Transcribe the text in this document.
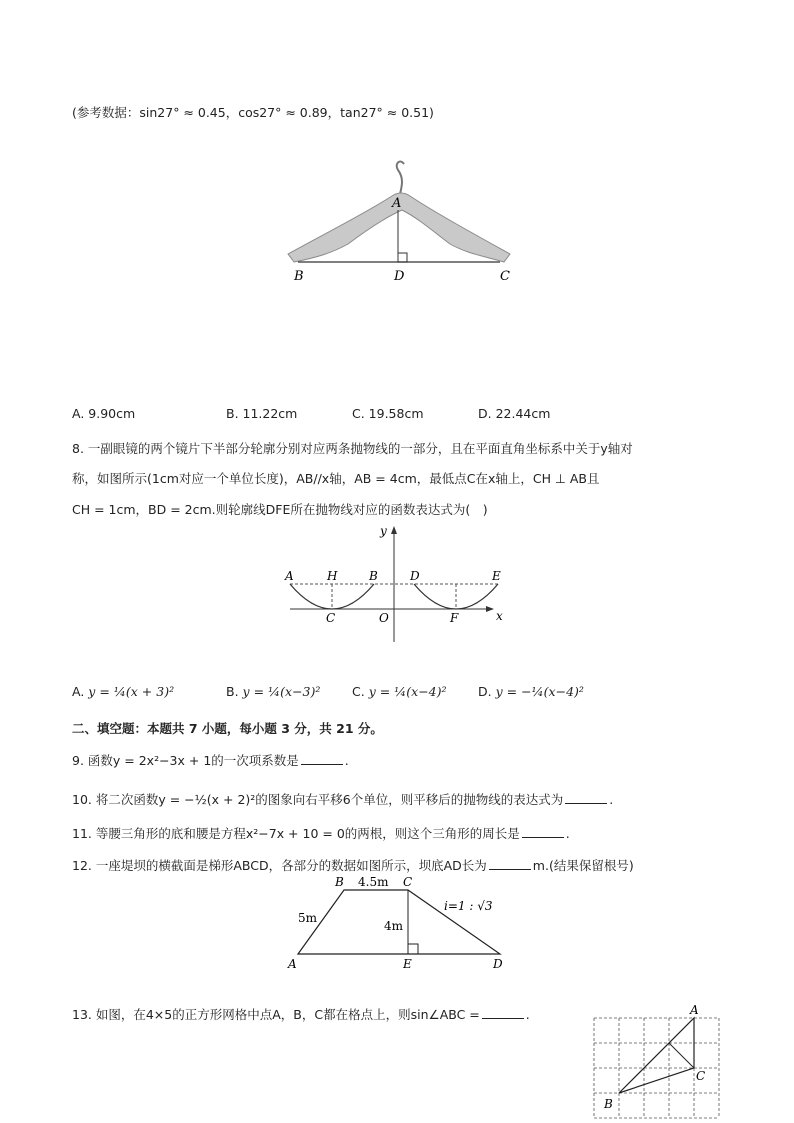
(参考数据：sin27° ≈ 0.45，cos27° ≈ 0.89，tan27° ≈ 0.51)
A
B	D	C
A. 9.90cm	B. 11.22cm	C. 19.58cm	D. 22.44cm
8. 一副眼镜的两个镜片下半部分轮廓分别对应两条抛物线的一部分，且在平面直角坐标系中关于y轴对
称，如图所示(1cm对应一个单位长度)，AB//x轴，AB = 4cm，最低点C在x轴上，CH ⊥ AB且
CH = 1cm，BD = 2cm.则轮廓线DFE所在抛物线对应的函数表达式为(　)
y
x
A	H	B	D	E
C	O	F
A. y = ¼(x + 3)²	B. y = ¼(x−3)²	C. y = ¼(x−4)²	D. y = −¼(x−4)²
二、填空题：本题共 7 小题，每小题 3 分，共 21 分。
9. 函数y = 2x²−3x + 1的一次项系数是	.
10. 将二次函数y = −½(x + 2)²的图象向右平移6个单位，则平移后的抛物线的表达式为	.
11. 等腰三角形的底和腰是方程x²−7x + 10 = 0的两根，则这个三角形的周长是	.
12. 一座堤坝的横截面是梯形ABCD，各部分的数据如图所示，坝底AD长为	m.(结果保留根号)
B 4.5m C
i=1 : √3
5m
4m
A	E	D
13. 如图，在4×5的正方形网格中点A，B，C都在格点上，则sin∠ABC =	.	A
C
B
